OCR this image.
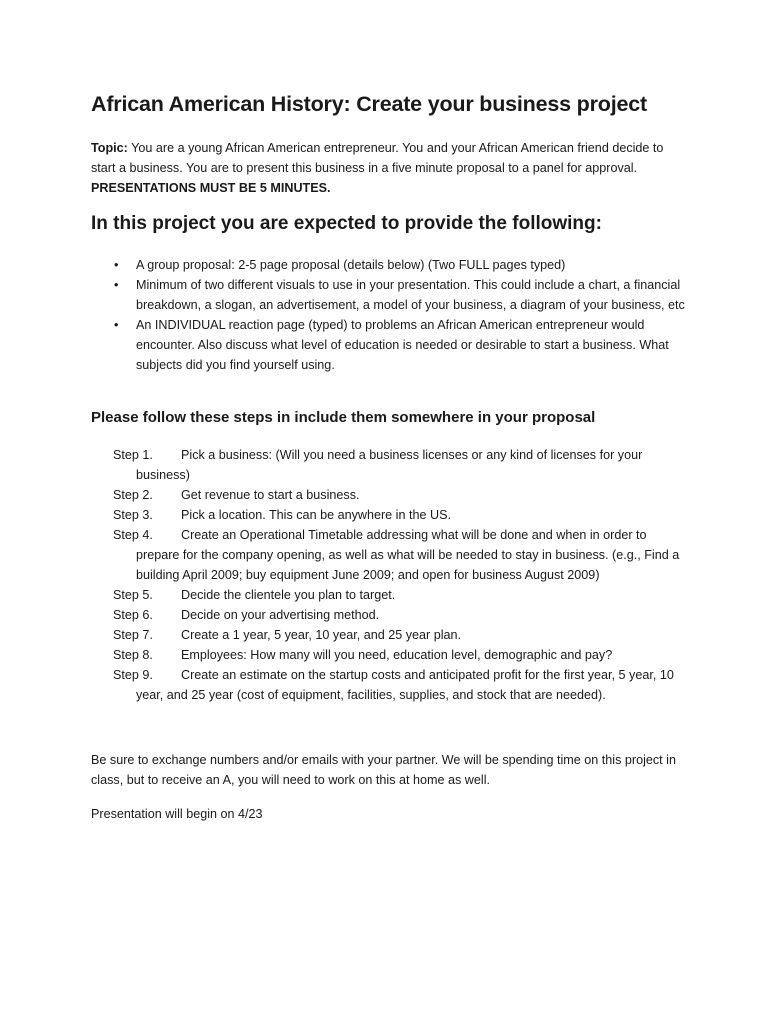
African American History: Create your business project

Topic: You are a young African American entrepreneur. You and your African American friend decide to start a business. You are to present this business in a five minute proposal to a panel for approval.
PRESENTATIONS MUST BE 5 MINUTES.

In this project you are expected to provide the following:
• A group proposal: 2-5 page proposal (details below) (Two FULL pages typed)
• Minimum of two different visuals to use in your presentation. This could include a chart, a financial breakdown, a slogan, an advertisement, a model of your business, a diagram of your business, etc
• An INDIVIDUAL reaction page (typed) to problems an African American entrepreneur would encounter. Also discuss what level of education is needed or desirable to start a business. What subjects did you find yourself using.
Please follow these steps in include them somewhere in your proposal
Step 1. Pick a business: (Will you need a business licenses or any kind of licenses for your business)
Step 2. Get revenue to start a business.
Step 3. Pick a location. This can be anywhere in the US.
Step 4. Create an Operational Timetable addressing what will be done and when in order to prepare for the company opening, as well as what will be needed to stay in business. (e.g., Find a building April 2009; buy equipment June 2009; and open for business August 2009)
Step 5. Decide the clientele you plan to target.
Step 6. Decide on your advertising method.
Step 7. Create a 1 year, 5 year, 10 year, and 25 year plan.
Step 8. Employees: How many will you need, education level, demographic and pay?
Step 9. Create an estimate on the startup costs and anticipated profit for the first year, 5 year, 10 year, and 25 year (cost of equipment, facilities, supplies, and stock that are needed).

Be sure to exchange numbers and/or emails with your partner. We will be spending time on this project in class, but to receive an A, you will need to work on this at home as well.

Presentation will begin on 4/23
